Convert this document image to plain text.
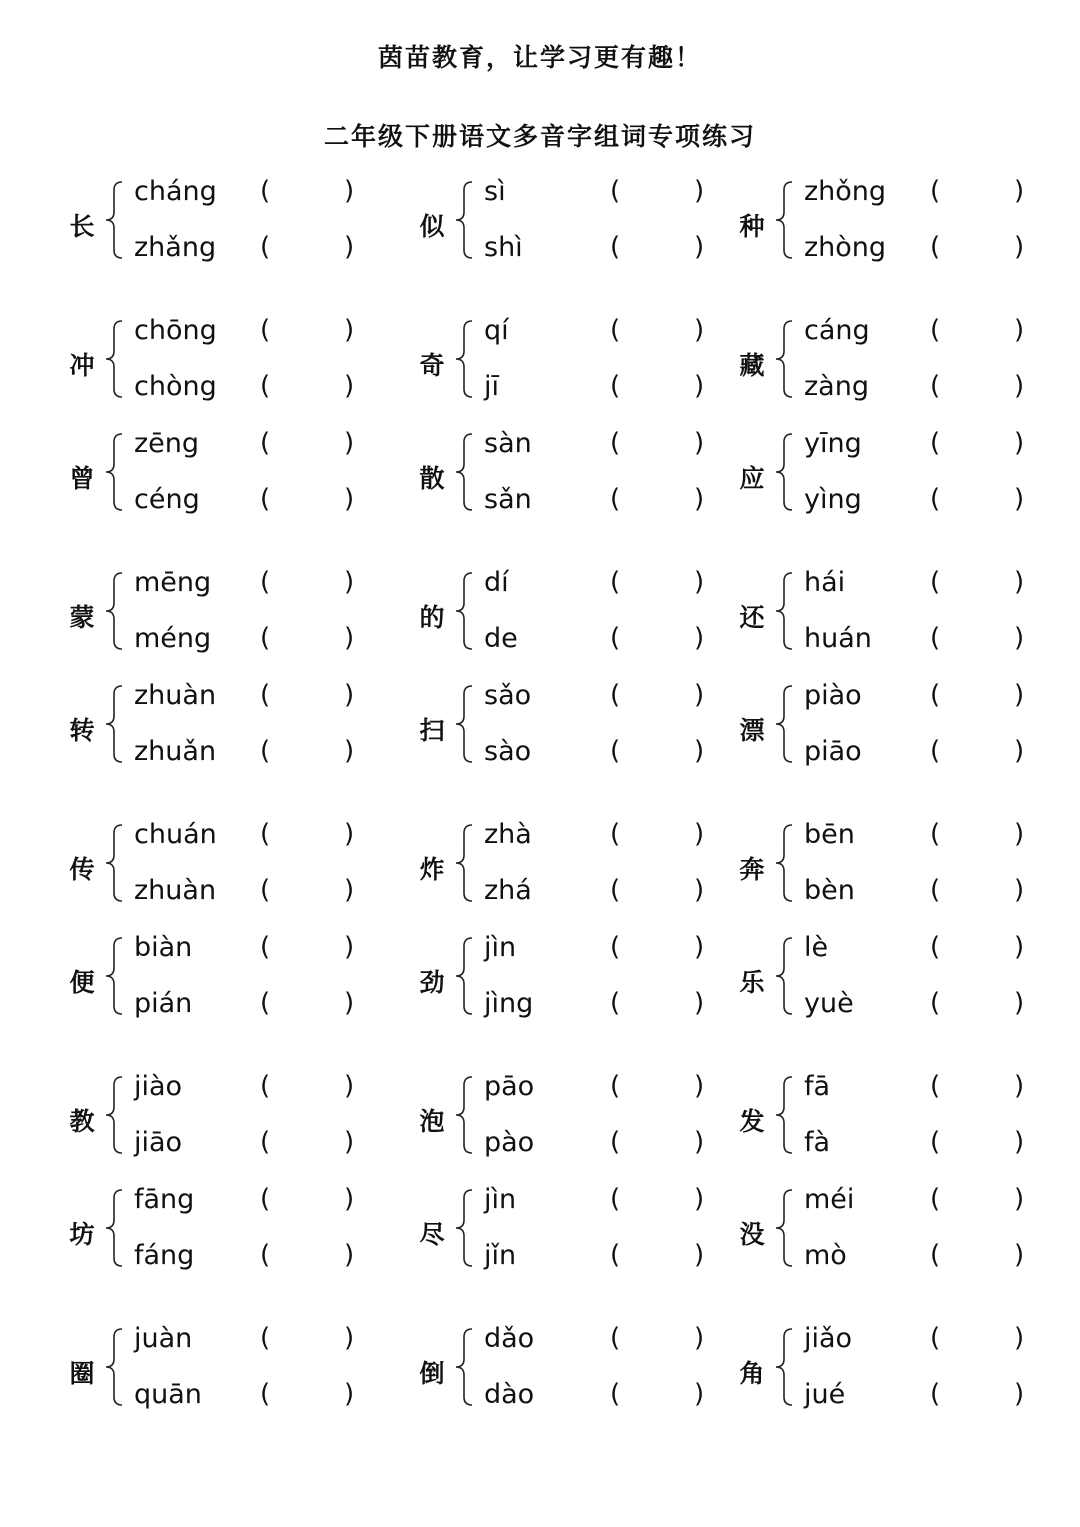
茵苗教育，让学习更有趣！
二年级下册语文多音字组词专项练习
长
cháng (	)
zhǎng (	)
似
sì	(	)
shì	(	)
种
zhǒng (	)
zhòng (	)
冲
chōng (	)
chòng (	)
奇
qí	(	)
jī	(	)
藏
cáng (	)
zàng (	)
曾
zēng (	)
céng (	)
散
sàn	(	)
sǎn	(	)
应
yīng	(	)
yìng	(	)
蒙
mēng (	)
méng (	)
的
dí	(	)
de	(	)
还
hái	(	)
huán (	)
转
zhuàn (	)
zhuǎn (	)
扫
sǎo	(	)
sào	(	)
漂
piào	(	)
piāo	(	)
传
chuán (	)
zhuàn (	)
炸
zhà	(	)
zhá	(	)
奔
bēn	(	)
bèn	(	)
便
biàn	(	)
pián	(	)
劲
jìn	(	)
jìng	(	)
乐
lè	(	)
yuè	(	)
教
jiào	(	)
jiāo	(	)
泡
pāo	(	)
pào	(	)
发
fā	(	)
fà	(	)
坊
fāng	(	)
fáng	(	)
尽
jìn	(	)
jǐn	(	)
没
méi	(	)
mò	(	)
圈
juàn	(	)
quān (	)
倒
dǎo	(	)
dào	(	)
角
jiǎo	(	)
jué	(	)
